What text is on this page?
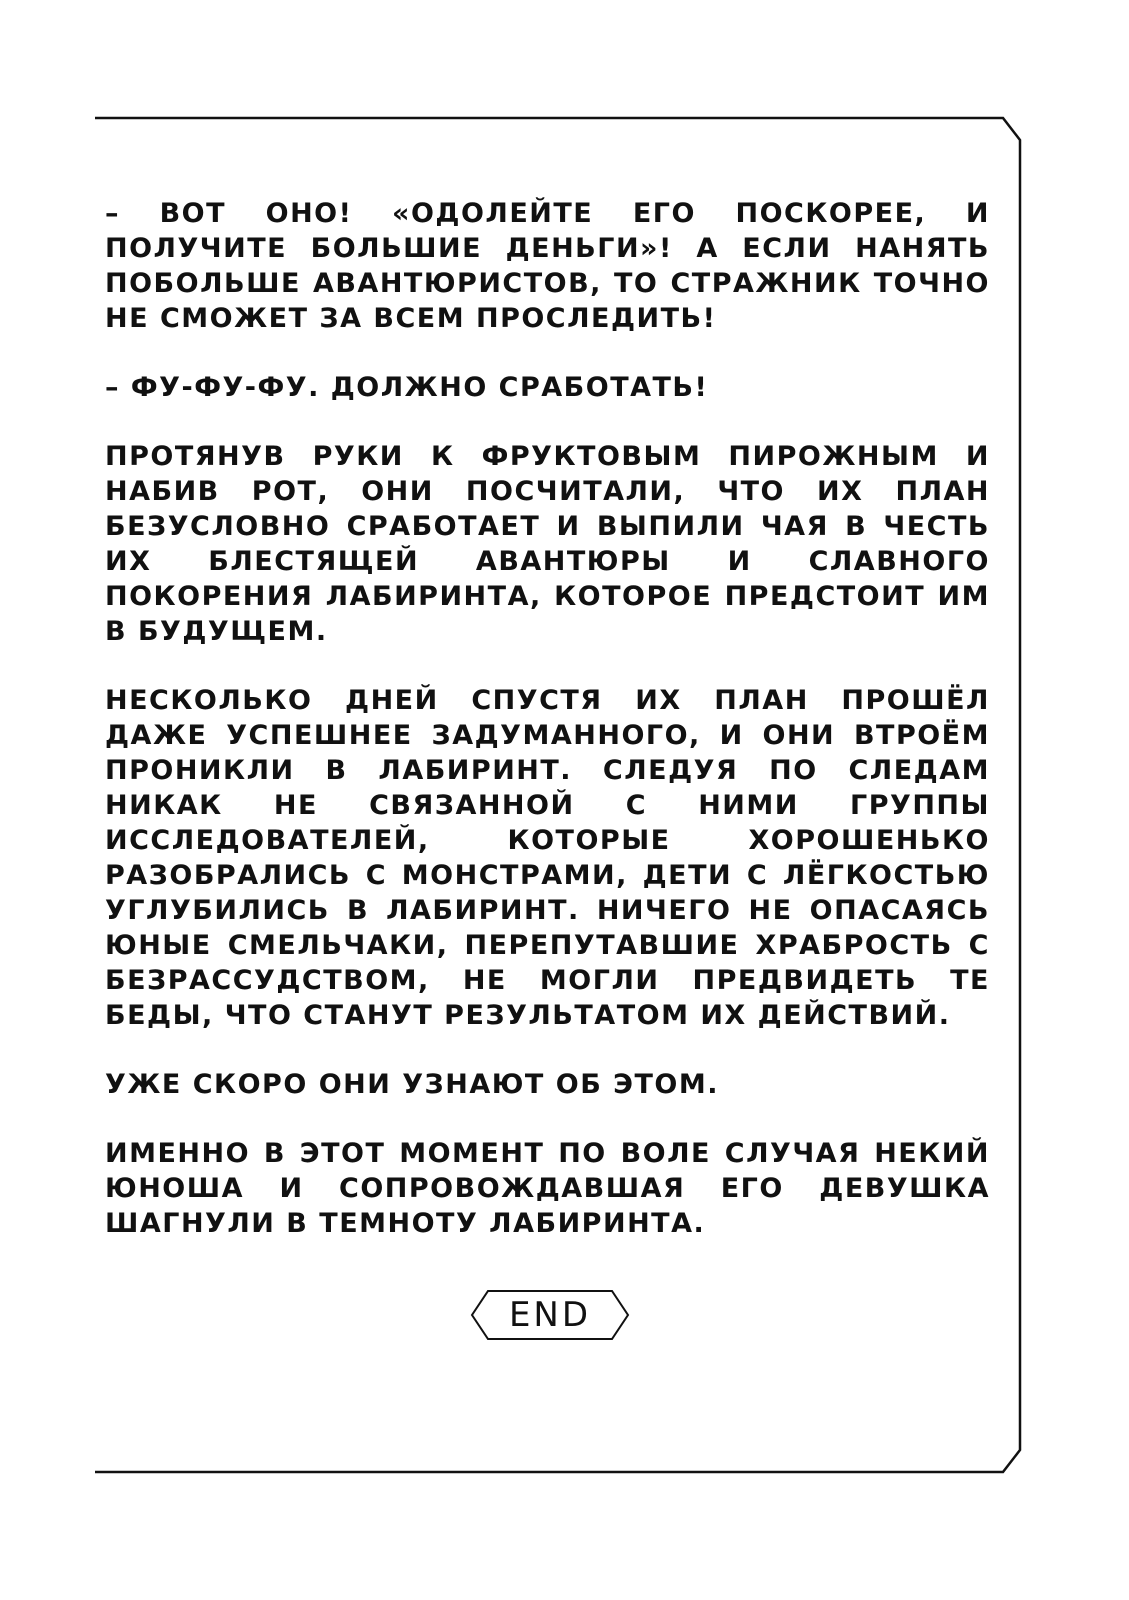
– ВОТ ОНО! «ОДОЛЕЙТЕ ЕГО ПОСКОРЕЕ, И ПОЛУЧИТЕ БОЛЬШИЕ ДЕНЬГИ»! А ЕСЛИ НАНЯТЬ ПОБОЛЬШЕ АВАНТЮРИСТОВ, ТО СТРАЖНИК ТОЧНО НЕ СМОЖЕТ ЗА ВСЕМ ПРОСЛЕДИТЬ!

– ФУ-ФУ-ФУ. ДОЛЖНО СРАБОТАТЬ!

ПРОТЯНУВ РУКИ К ФРУКТОВЫМ ПИРОЖНЫМ И НАБИВ РОТ, ОНИ ПОСЧИТАЛИ, ЧТО ИХ ПЛАН БЕЗУСЛОВНО СРАБОТАЕТ И ВЫПИЛИ ЧАЯ В ЧЕСТЬ ИХ БЛЕСТЯЩЕЙ АВАНТЮРЫ И СЛАВНОГО ПОКОРЕНИЯ ЛАБИРИНТА, КОТОРОЕ ПРЕДСТОИТ ИМ В БУДУЩЕМ.

НЕСКОЛЬКО ДНЕЙ СПУСТЯ ИХ ПЛАН ПРОШЁЛ ДАЖЕ УСПЕШНЕЕ ЗАДУМАННОГО, И ОНИ ВТРОЁМ ПРОНИКЛИ В ЛАБИРИНТ. СЛЕДУЯ ПО СЛЕДАМ НИКАК НЕ СВЯЗАННОЙ С НИМИ ГРУППЫ ИССЛЕДОВАТЕЛЕЙ, КОТОРЫЕ ХОРОШЕНЬКО РАЗОБРАЛИСЬ С МОНСТРАМИ, ДЕТИ С ЛЁГКОСТЬЮ УГЛУБИЛИСЬ В ЛАБИРИНТ. НИЧЕГО НЕ ОПАСАЯСЬ ЮНЫЕ СМЕЛЬЧАКИ, ПЕРЕПУТАВШИЕ ХРАБРОСТЬ С БЕЗРАССУДСТВОМ, НЕ МОГЛИ ПРЕДВИДЕТЬ ТЕ БЕДЫ, ЧТО СТАНУТ РЕЗУЛЬТАТОМ ИХ ДЕЙСТВИЙ.

УЖЕ СКОРО ОНИ УЗНАЮТ ОБ ЭТОМ.

ИМЕННО В ЭТОТ МОМЕНТ ПО ВОЛЕ СЛУЧАЯ НЕКИЙ ЮНОША И СОПРОВОЖДАВШАЯ ЕГО ДЕВУШКА ШАГНУЛИ В ТЕМНОТУ ЛАБИРИНТА.

END
